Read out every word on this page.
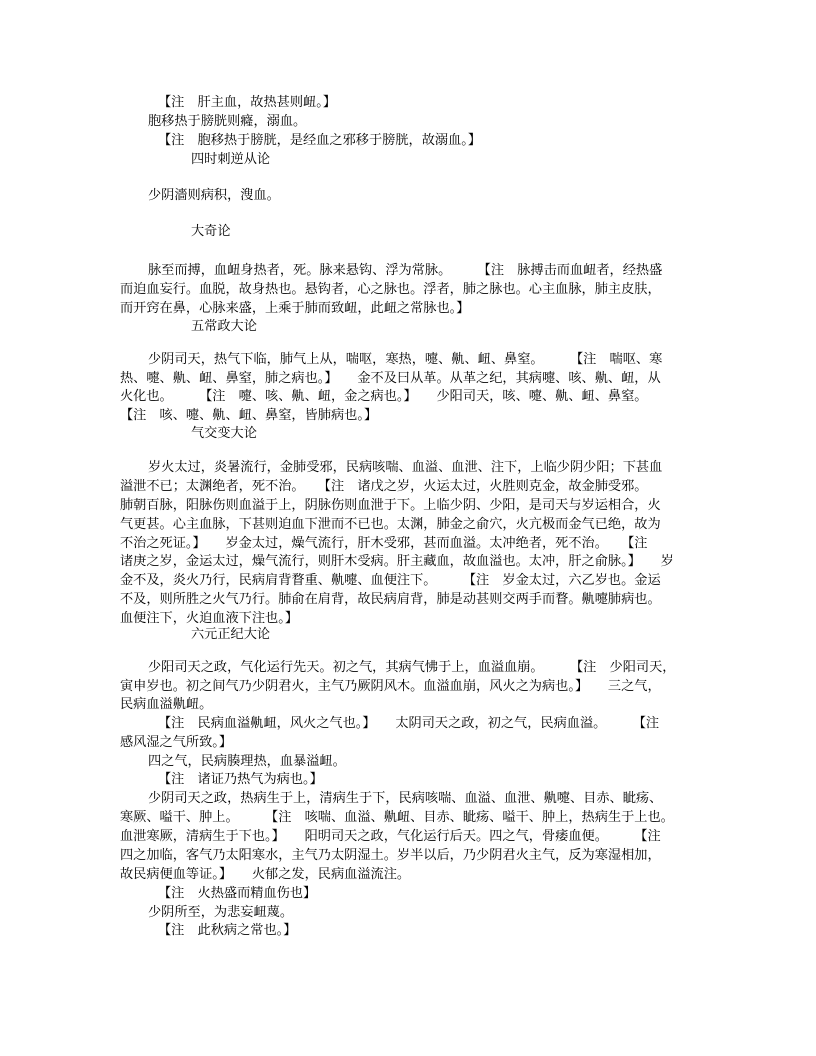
【注　肝主血，故热甚则衄。】
胞移热于膀胱则癃，溺血。
【注　胞移热于膀胱，是经血之邪移于膀胱，故溺血。】
四时刺逆从论
少阴濇则病积，溲血。
大奇论
脉至而搏，血衄身热者，死。脉来悬钩、浮为常脉。　　　【注　脉搏击而血衄者，经热盛
而迫血妄行。血脱，故身热也。悬钩者，心之脉也。浮者，肺之脉也。心主血脉，肺主皮肤，
而开窍在鼻，心脉来盛，上乘于肺而致衄，此衄之常脉也。】
五常政大论
少阴司天，热气下临，肺气上从，喘呕，寒热，嚏、鼽、衄、鼻窒。　　　【注　喘呕、寒
热、嚏、鼽、衄、鼻窒，肺之病也。】　　金不及曰从革。从革之纪，其病嚏、咳、鼽、衄，从
火化也。　　　【注　嚏、咳、鼽、衄，金之病也。】　　少阳司天，咳、嚏、鼽、衄、鼻窒。
【注　咳、嚏、鼽、衄、鼻窒，皆肺病也。】
气交变大论
岁火太过，炎暑流行，金肺受邪，民病咳喘、血溢、血泄、注下，上临少阴少阳；下甚血
溢泄不已；太渊绝者，死不治。　　【注　诸戊之岁，火运太过，火胜则克金，故金肺受邪。
肺朝百脉，阳脉伤则血溢于上，阴脉伤则血泄于下。上临少阴、少阳，是司天与岁运相合，火
气更甚。心主血脉，下甚则迫血下泄而不已也。太渊，肺金之俞穴，火亢极而金气已绝，故为
不治之死证。】　　岁金太过，燥气流行，肝木受邪，甚而血溢。太冲绝者，死不治。　　【注
诸庚之岁，金运太过，燥气流行，则肝木受病。肝主藏血，故血溢也。太冲，肝之俞脉。】　　岁
金不及，炎火乃行，民病肩背瞀重、鼽嚏、血便注下。　　　【注　岁金太过，六乙岁也。金运
不及，则所胜之火气乃行。肺俞在肩背，故民病肩背，肺是动甚则交两手而瞀。鼽嚏肺病也。
血便注下，火迫血液下注也。】
六元正纪大论
少阳司天之政，气化运行先天。初之气，其病气怫于上，血溢血崩。　　　【注　少阳司天，
寅申岁也。初之间气乃少阴君火，主气乃厥阴风木。血溢血崩，风火之为病也。】　　三之气，
民病血溢鼽衄。
【注　民病血溢鼽衄，风火之气也。】　　太阴司天之政，初之气，民病血溢。　　　【注
感风湿之气所致。】
四之气，民病腠理热，血暴溢衄。
【注　诸证乃热气为病也。】
少阴司天之政，热病生于上，清病生于下，民病咳喘、血溢、血泄、鼽嚏、目赤、眦疡、
寒厥、嗌干、肿上。　　　【注　咳喘、血溢、鼽衄、目赤、眦疡、嗌干、肿上，热病生于上也。
血泄寒厥，清病生于下也。】　　阳明司天之政，气化运行后天。四之气，骨痿血便。　　　【注
四之加临，客气乃太阳寒水，主气乃太阴湿土。岁半以后，乃少阴君火主气，反为寒湿相加，
故民病便血等证。】　　火郁之发，民病血溢流注。
【注　火热盛而精血伤也】
少阴所至，为悲妄衄蔑。
【注　此秋病之常也。】
